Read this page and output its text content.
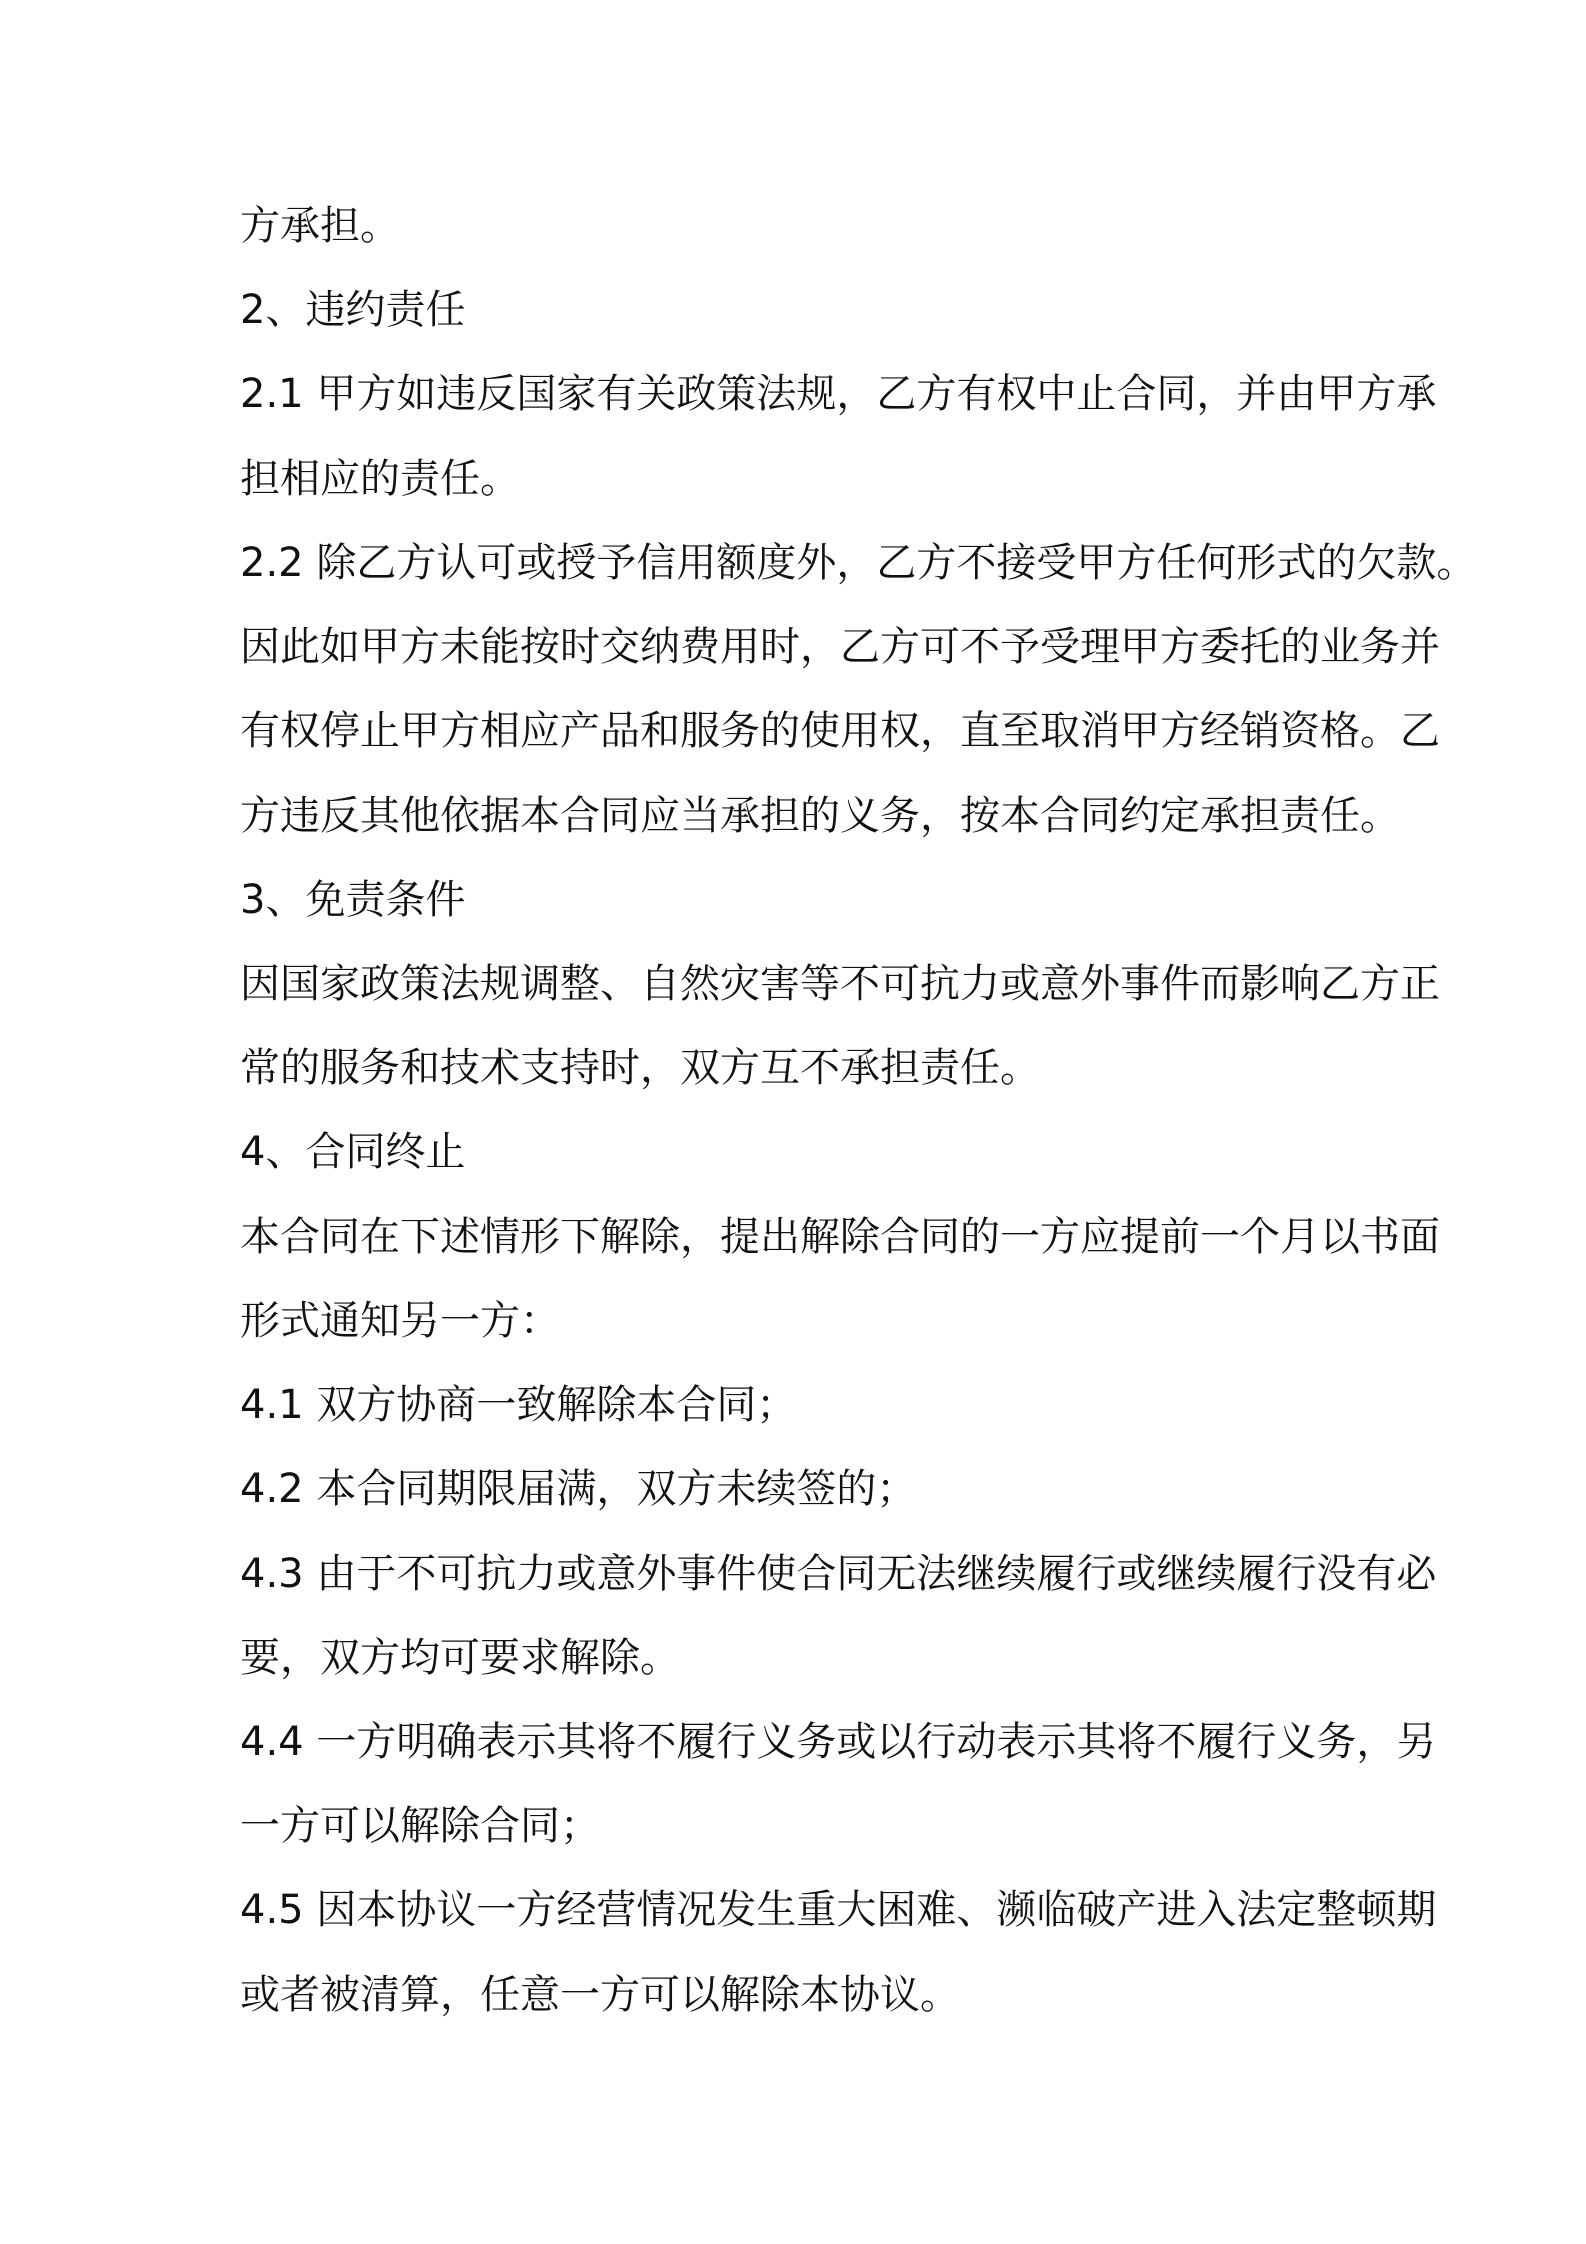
方承担。
2、违约责任
2.1 甲方如违反国家有关政策法规，乙方有权中止合同，并由甲方承
担相应的责任。
2.2 除乙方认可或授予信用额度外，乙方不接受甲方任何形式的欠款。
因此如甲方未能按时交纳费用时，乙方可不予受理甲方委托的业务并
有权停止甲方相应产品和服务的使用权，直至取消甲方经销资格。乙
方违反其他依据本合同应当承担的义务，按本合同约定承担责任。
3、免责条件
因国家政策法规调整、自然灾害等不可抗力或意外事件而影响乙方正
常的服务和技术支持时，双方互不承担责任。
4、合同终止
本合同在下述情形下解除，提出解除合同的一方应提前一个月以书面
形式通知另一方：
4.1 双方协商一致解除本合同；
4.2 本合同期限届满，双方未续签的；
4.3 由于不可抗力或意外事件使合同无法继续履行或继续履行没有必
要，双方均可要求解除。
4.4 一方明确表示其将不履行义务或以行动表示其将不履行义务，另
一方可以解除合同；
4.5 因本协议一方经营情况发生重大困难、濒临破产进入法定整顿期
或者被清算，任意一方可以解除本协议。
